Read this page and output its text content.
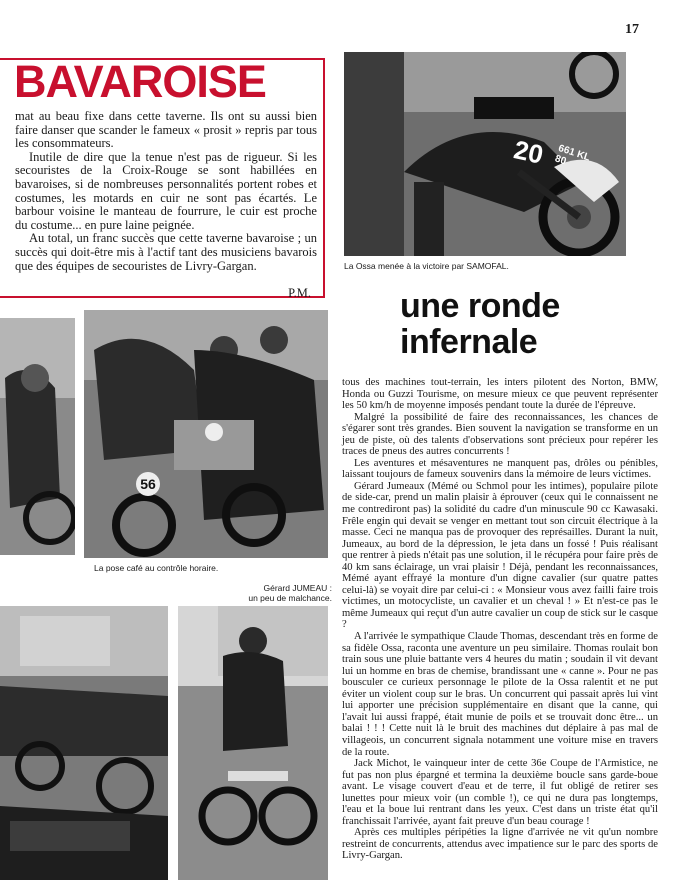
17
BAVAROISE

mat au beau fixe dans cette taverne. Ils ont su aussi bien faire danser que scander le fameux « prosit » repris par tous les consommateurs.

Inutile de dire que la tenue n'est pas de rigueur. Si les secouristes de la Croix-Rouge se sont habillées en bavaroises, si de nombreuses personnalités portent robes et costumes, les motards en cuir ne sont pas écartés. Le barbour voisine le manteau de fourrure, le cuir est proche du costume... en pure laine peignée.

Au total, un franc succès que cette taverne bavaroise ; un succès qui doit-être mis à l'actif tant des musiciens bavarois que des équipes de secouristes de Livry-Gargan.

P.M.

20	661 KL 80
La Ossa menée à la victoire par SAMOFAL.
une ronde
infernale
56
La pose café au contrôle horaire.
Gérard JUMEAU :
un peu de malchance.

tous des machines tout-terrain, les inters pilotent des Norton, BMW, Honda ou Guzzi Tourisme, on mesure mieux ce que peuvent représenter les 50 km/h de moyenne imposés pendant toute la durée de l'épreuve.

Malgré la possibilité de faire des reconnaissances, les chances de s'égarer sont très grandes. Bien souvent la navigation se transforme en un jeu de piste, où des talents d'observations sont précieux pour repérer les traces de pneus des autres concurrents !

Les aventures et mésaventures ne manquent pas, drôles ou pénibles, laissant toujours de fameux souvenirs dans la mémoire de leurs victimes.

Gérard Jumeaux (Mémé ou Schmol pour les intimes), populaire pilote de side-car, prend un malin plaisir à éprouver (ceux qui le connaissent ne me contrediront pas) la solidité du cadre d'un minuscule 90 cc Kawasaki. Frêle engin qui devait se venger en mettant tout son circuit électrique à la masse. Ceci ne manqua pas de provoquer des représailles. Durant la nuit, Jumeaux, au bord de la dépression, le jeta dans un fossé ! Puis réalisant que rentrer à pieds n'était pas une solution, il le récupéra pour faire près de 40 km sans éclairage, un vrai plaisir ! Déjà, pendant les reconnaissances, Mémé ayant effrayé la monture d'un digne cavalier (sur quatre pattes celui-là) se voyait dire par celui-ci : « Monsieur vous avez failli faire trois victimes, un motocycliste, un cavalier et un cheval ! » Et n'est-ce pas le même Jumeaux qui reçut d'un autre cavalier un coup de stick sur le casque ?

A l'arrivée le sympathique Claude Thomas, descendant très en forme de sa fidèle Ossa, raconta une aventure un peu similaire. Thomas roulait bon train sous une pluie battante vers 4 heures du matin ; soudain il vit devant lui un homme en bras de chemise, brandissant une « canne ». Pour ne pas bousculer ce curieux personnage le pilote de la Ossa ralentit et ne put éviter un violent coup sur le bras. Un concurrent qui passait après lui vint lui apporter une précision supplémentaire en disant que la canne, qui l'avait lui aussi frappé, était munie de poils et se trouvait donc être... un balai ! ! ! Cette nuit là le bruit des machines dut déplaire à pas mal de villageois, un concurrent signala notamment une voiture mise en travers de la route.

Jack Michot, le vainqueur inter de cette 36e Coupe de l'Armistice, ne fut pas non plus épargné et termina la deuxième boucle sans garde-boue avant. Le visage couvert d'eau et de terre, il fut obligé de retirer ses lunettes pour mieux voir (un comble !), ce qui ne dura pas longtemps, l'eau et la boue lui rentrant dans les yeux. C'est dans un triste état qu'il franchissait l'arrivée, ayant fait preuve d'un beau courage !

Après ces multiples péripéties la ligne d'arrivée ne vit qu'un nombre restreint de concurrents, attendus avec impatience sur le parc des sports de Livry-Gargan.
